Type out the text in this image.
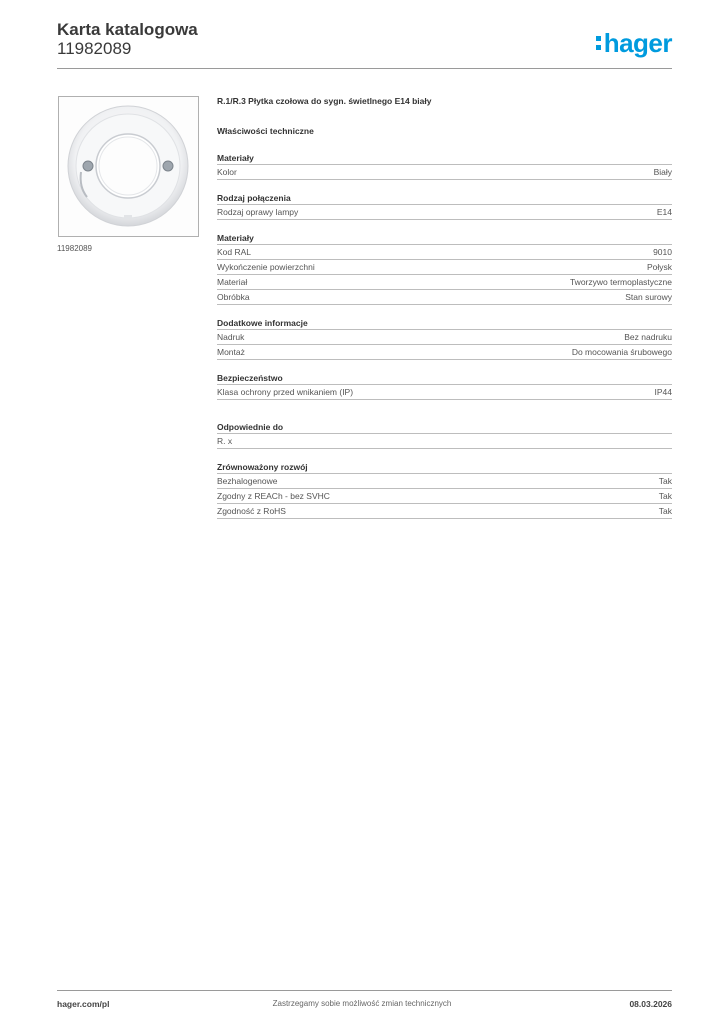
Karta katalogowa
11982089	hager
11982089
R.1/R.3 Płytka czołowa do sygn. świetlnego E14 biały
Właściwości techniczne
Materiały
Kolor	Biały
Rodzaj połączenia
Rodzaj oprawy lampy	E14
Materiały
Kod RAL	9010
Wykończenie powierzchni	Połysk
Materiał	Tworzywo termoplastyczne
Obróbka	Stan surowy
Dodatkowe informacje
Nadruk	Bez nadruku
Montaż	Do mocowania śrubowego
Bezpieczeństwo
Klasa ochrony przed wnikaniem (IP)	IP44
Odpowiednie do
R. x
Zrównoważony rozwój
Bezhalogenowe	Tak
Zgodny z REACh - bez SVHC	Tak
Zgodność z RoHS	Tak
hager.com/pl	Zastrzegamy sobie możliwość zmian technicznych	08.03.2026
